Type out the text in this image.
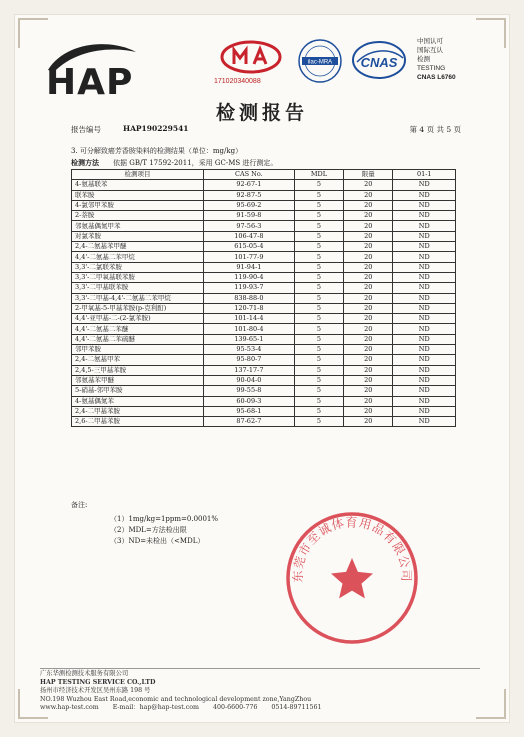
HAP	171020340088
ilac-MRA CNAS
中国认可
国际互认
检测
TESTING
CNAS L6760
检测报告
报告编号	HAP190229541	第 4 页 共 5 页
3. 可分解致癌芳香胺染料的检测结果（单位：mg/kg）
检测方法 依据 GB/T 17592-2011，采用 GC-MS 进行测定。
检测项目	CAS No.	MDL	限量	01-1
4-氨基联苯	92-67-1	5	20	ND
联苯胺	92-87-5	5	20	ND
4-氯邻甲苯胺	95-69-2	5	20	ND
2-萘胺	91-59-8	5	20	ND
邻氨基偶氮甲苯	97-56-3	5	20	ND
对氯苯胺	106-47-8	5	20	ND
2,4-二氨基苯甲醚	615-05-4	5	20	ND
4,4'-二氨基二苯甲烷	101-77-9	5	20	ND
3,3'-二氯联苯胺	91-94-1	5	20	ND
3,3'-二甲氧基联苯胺	119-90-4	5	20	ND
3,3'-二甲基联苯胺	119-93-7	5	20	ND
3,3'-二甲基-4,4'-二氨基二苯甲烷	838-88-0	5	20	ND
2-甲氧基-5-甲基苯胺(p-克利酊)	120-71-8	5	20	ND
4,4'-亚甲基-二-(2-氯苯胺)	101-14-4	5	20	ND
4,4'-二氨基二苯醚	101-80-4	5	20	ND
4,4'-二氨基二苯硫醚	139-65-1	5	20	ND
邻甲苯胺	95-53-4	5	20	ND
2,4-二氨基甲苯	95-80-7	5	20	ND
2,4,5-三甲基苯胺	137-17-7	5	20	ND
邻氨基苯甲醚	90-04-0	5	20	ND
5-硝基-邻甲苯胺	99-55-8	5	20	ND
4-氨基偶氮苯	60-09-3	5	20	ND
2,4-二甲基苯胺	95-68-1	5	20	ND
2,6-二甲基苯胺	87-62-7	5	20	ND
备注:
（1）1mg/kg=1ppm=0.0001%
（2）MDL=方法检出限
（3）ND=未检出（<MDL）
东莞市至诚体育用品有限公司
广东华测检测技术服务有限公司
HAP TESTING SERVICE CO.,LTD
扬州市经济技术开发区吴州东路 198 号
NO.198 Wuzhou East Road,economic and technological development zone,YangZhou
www.hap-test.com E-mail：hap@hap-test.com 400-6600-776 0514-89711561
